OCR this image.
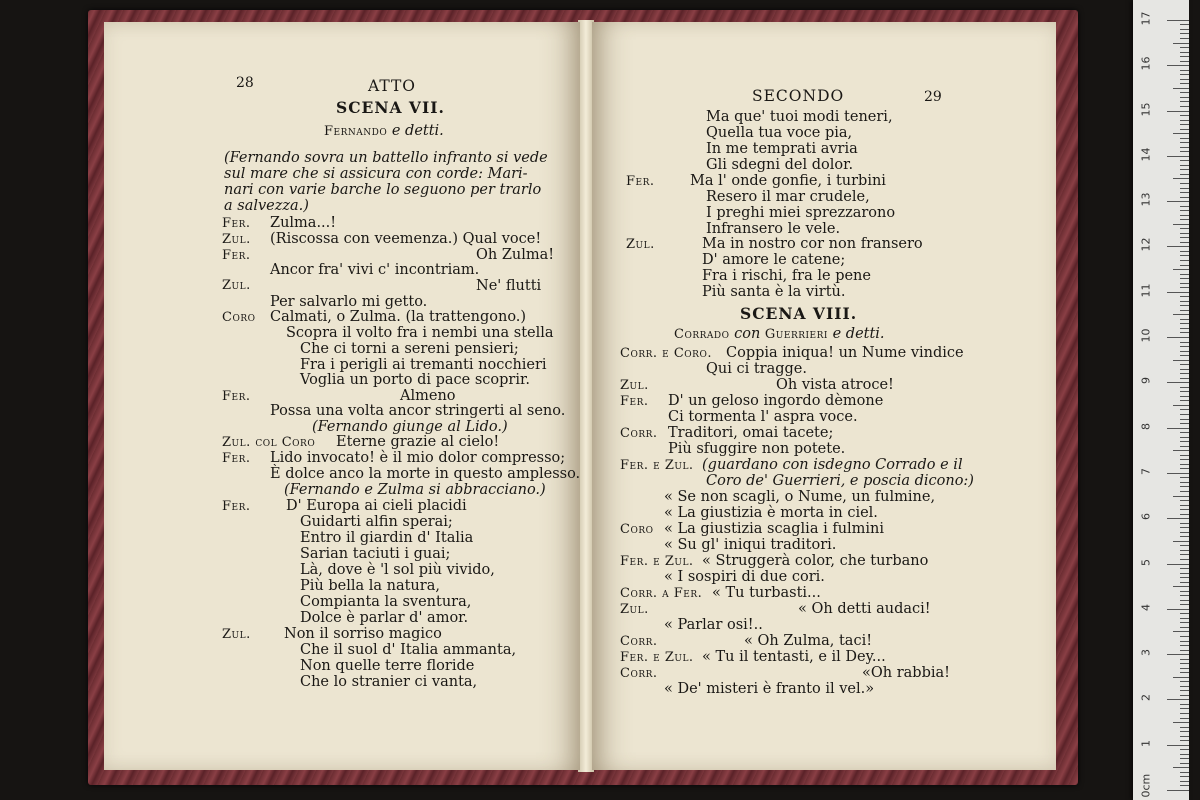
28	ATTO
SCENA VII.
Fernando e detti.
(Fernando sovra un battello infranto si vede
sul mare che si assicura con corde: Mari-
nari con varie barche lo seguono per trarlo
a salvezza.)
Fer. Zulma...!
Zul. (Riscossa con veemenza.) Qual voce!
Fer.	Oh Zulma!
Ancor fra' vivi c' incontriam.
Zul.	Ne' flutti
Per salvarlo mi getto.
Coro Calmati, o Zulma. (la trattengono.)
Scopra il volto fra i nembi una stella
Che ci torni a sereni pensieri;
Fra i perigli ai tremanti nocchieri
Voglia un porto di pace scoprir.
Fer.	Almeno
Possa una volta ancor stringerti al seno.
(Fernando giunge al Lido.)
Zul. col Coro Eterne grazie al cielo!
Fer. Lido invocato! è il mio dolor compresso;
È dolce anco la morte in questo amplesso.
(Fernando e Zulma si abbracciano.)
Fer. D' Europa ai cieli placidi
Guidarti alfin sperai;
Entro il giardin d' Italia
Sarian taciuti i guai;
Là, dove è 'l sol più vivido,
Più bella la natura,
Compianta la sventura,
Dolce è parlar d' amor.
Zul. Non il sorriso magico
Che il suol d' Italia ammanta,
Non quelle terre floride
Che lo stranier ci vanta,
SECONDO	29
Ma que' tuoi modi teneri,
Quella tua voce pia,
In me temprati avria
Gli sdegni del dolor.
Fer. Ma l' onde gonfie, i turbini
Resero il mar crudele,
I preghi miei sprezzarono
Infransero le vele.
Zul.	Ma in nostro cor non fransero
D' amore le catene;
Fra i rischi, fra le pene
Più santa è la virtù.
SCENA VIII.
Corrado con Guerrieri e detti.
Corr. e Coro. Coppia iniqua! un Nume vindice
Qui ci tragge.
Zul.	Oh vista atroce!
Fer. D' un geloso ingordo dèmone
Ci tormenta l' aspra voce.
Corr. Traditori, omai tacete;
Più sfuggire non potete.
Fer. e Zul. (guardano con isdegno Corrado e il
Coro de' Guerrieri, e poscia dicono:)
« Se non scagli, o Nume, un fulmine,
« La giustizia è morta in ciel.
Coro « La giustizia scaglia i fulmini
« Su gl' iniqui traditori.
Fer. e Zul. « Struggerà color, che turbano
« I sospiri di due cori.
Corr. a Fer. « Tu turbasti...
Zul.	« Oh detti audaci!
« Parlar osi!..
Corr.	« Oh Zulma, taci!
Fer. e Zul. « Tu il tentasti, e il Dey...
Corr.	«Oh rabbia!
« De' misteri è franto il vel.»
0cm
1
2
3
4
5
6
7
8
9
10
11
12
13
14
15
16
17
